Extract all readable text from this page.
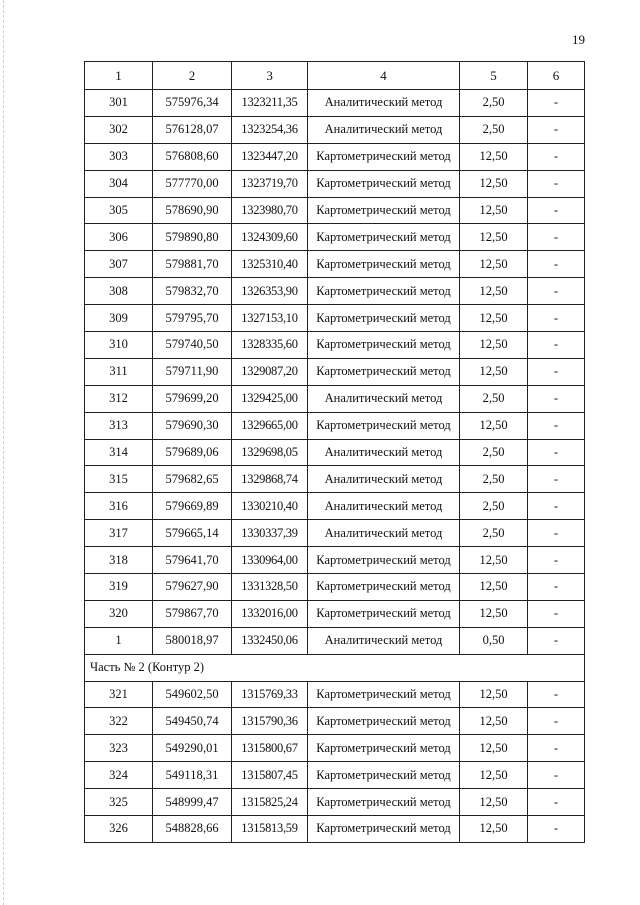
19
1	2	3	4	5	6
301	575976,34	1323211,35	Аналитический метод	2,50	-
302	576128,07	1323254,36	Аналитический метод	2,50	-
303	576808,60	1323447,20	Картометрический метод	12,50	-
304	577770,00	1323719,70	Картометрический метод	12,50	-
305	578690,90	1323980,70	Картометрический метод	12,50	-
306	579890,80	1324309,60	Картометрический метод	12,50	-
307	579881,70	1325310,40	Картометрический метод	12,50	-
308	579832,70	1326353,90	Картометрический метод	12,50	-
309	579795,70	1327153,10	Картометрический метод	12,50	-
310	579740,50	1328335,60	Картометрический метод	12,50	-
311	579711,90	1329087,20	Картометрический метод	12,50	-
312	579699,20	1329425,00	Аналитический метод	2,50	-
313	579690,30	1329665,00	Картометрический метод	12,50	-
314	579689,06	1329698,05	Аналитический метод	2,50	-
315	579682,65	1329868,74	Аналитический метод	2,50	-
316	579669,89	1330210,40	Аналитический метод	2,50	-
317	579665,14	1330337,39	Аналитический метод	2,50	-
318	579641,70	1330964,00	Картометрический метод	12,50	-
319	579627,90	1331328,50	Картометрический метод	12,50	-
320	579867,70	1332016,00	Картометрический метод	12,50	-
1	580018,97	1332450,06	Аналитический метод	0,50	-
Часть № 2 (Контур 2)					
321	549602,50	1315769,33	Картометрический метод	12,50	-
322	549450,74	1315790,36	Картометрический метод	12,50	-
323	549290,01	1315800,67	Картометрический метод	12,50	-
324	549118,31	1315807,45	Картометрический метод	12,50	-
325	548999,47	1315825,24	Картометрический метод	12,50	-
326	548828,66	1315813,59	Картометрический метод	12,50	-
